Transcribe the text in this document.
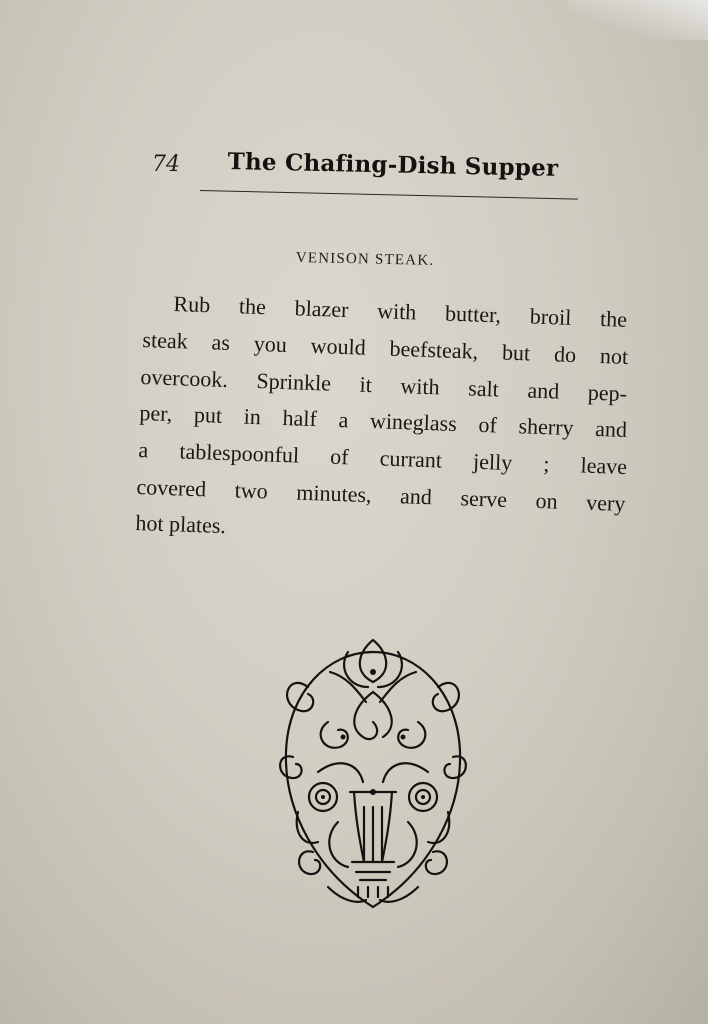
74 The Chafing-Dish Supper
VENISON STEAK.
Rub the blazer with butter, broil the
steak as you would beefsteak, but do not
overcook. Sprinkle it with salt and pep-
per, put in half a wineglass of sherry and
a tablespoonful of currant jelly ; leave
covered two minutes, and serve on very
hot plates.
